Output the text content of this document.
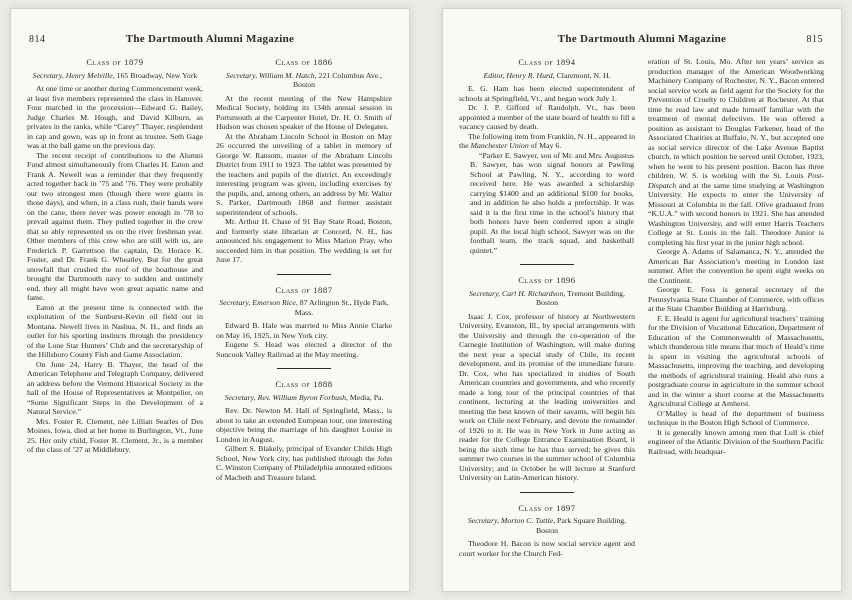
814	The Dartmouth Alumni Magazine
Class of 1879
Secretary, Henry Melville, 165 Broadway, New York

At one time or another during Commencement week, at least five members represented the class in Hanover. Four marched in the procession—Edward G. Bailey, Judge Charles M. Hough, and David Kilburn, as privates in the ranks, while “Carey” Thayer, resplendent in cap and gown, was up in front as trustee. Seth Gage was at the ball game on the previous day.

The recent receipt of contributions to the Alumni Fund almost simultaneously from Charles H. Eaton and Frank A. Newell was a reminder that they frequently acted together back in ’75 and ’76. They were probably our two strongest men (though there were giants in those days), and when, in a class rush, their hands were on the cane, there never was power enough in ’78 to prevail against them. They pulled together in the crew that so ably represented us on the river freshman year. Other members of this crew who are still with us, are Frederick P. Garrettson the captain, Dr. Horace K. Foster, and Dr. Frank G. Wheatley. But for the great snowfall that crushed the roof of the boathouse and brought the Dartmouth navy to sudden and untimely end, they all might have won great aquatic name and fame.

Eaton at the present time is connected with the exploitation of the Sunburst-Kevin oil field out in Montana. Newell lives in Nashua, N. H., and finds an outlet for his sporting instincts through the presidency of the Lone Star Hunters’ Club and the secretaryship of the Hillsboro County Fish and Game Association.

On June 24, Harry B. Thayer, the head of the American Telephone and Telegraph Company, delivered an address before the Vermont Historical Society in the hall of the House of Representatives at Montpelier, on “Some Significant Steps in the Development of a Natural Service.”

Mrs. Foster R. Clement, née Lillian Searles of Des Moines, Iowa, died at her home in Burlington, Vt., June 25. Her only child, Foster R. Clement, Jr., is a member of the class of ’27 at Middlebury.

Class of 1886
Secretary, William M. Hatch, 221 Columbus Ave., Boston

At the recent meeting of the New Hampshire Medical Society, holding its 134th annual session in Portsmouth at the Carpenter Hotel, Dr. H. O. Smith of Hudson was chosen speaker of the House of Delegates.

At the Abraham Lincoln School in Boston on May 26 occurred the unveiling of a tablet in memory of George W. Ransom, master of the Abraham Lincoln District from 1911 to 1923. The tablet was presented by the teachers and pupils of the district. An exceedingly interesting program was given, including exercises by the pupils, and, among others, an address by Mr. Walter S. Parker, Dartmouth 1868 and former assistant superintendent of schools.

Mr. Arthur H. Chase of 91 Bay State Road, Boston, and formerly state librarian at Concord, N. H., has announced his engagement to Miss Marion Pray, who succeeded him in that position. The wedding is set for June 17.

Class of 1887
Secretary, Emerson Rice, 87 Arlington St., Hyde Park, Mass.

Edward B. Hale was married to Miss Annie Clarke on May 16, 1925, in New York city.

Eugene S. Head was elected a director of the Suncook Valley Railroad at the May meeting.

Class of 1888
Secretary, Rev. William Byron Forbush, Media, Pa.

Rev. Dr. Newton M. Hall of Springfield, Mass., is about to take an extended European tour, one interesting objective being the marriage of his daughter Louise in London in August.

Gilbert S. Blakely, principal of Evander Childs High School, New York city, has published through the John C. Winston Company of Philadelphia annotated editions of Macbeth and Treasure Island.

The Dartmouth Alumni Magazine	815
Class of 1894
Editor, Henry R. Hurd, Claremont, N. H.

E. G. Ham has been elected superintendent of schools at Springfield, Vt., and began work July 1.

Dr. J. P. Gifford of Randolph, Vt., has been appointed a member of the state board of health to fill a vacancy caused by death.

The following item from Franklin, N. H., appeared in the Manchester Union of May 6.

“Parker E. Sawyer, son of Mr. and Mrs. Augustus B. Sawyer, has won signal honors at Pawling School at Pawling, N. Y., according to word received here. He was awarded a scholarship carrying $1400 and an additional $100 for books, and in addition he also holds a prefectship. It was said it is the first time in the school’s history that both honors have been conferred upon a single pupil. At the local high school, Sawyer was on the football team, the track squad, and basketball quintet.”

Class of 1896
Secretary, Carl H. Richardson, Tremont Building, Boston

Isaac J. Cox, professor of history at Northwestern University, Evanston, Ill., by special arrangements with the University and through the co-operation of the Carnegie Institution of Washington, will make during the next year a special study of Chile, its recent development, and its promise of the immediate future. Dr. Cox, who has specialized in studies of South American countries and governments, and who recently made a long tour of the principal countries of that continent, lecturing at the leading universities and meeting the best known of their savants, will begin his work on Chile next February, and devote the remainder of 1926 to it. He was in New York in June acting as reader for the College Entrance Examination Board, it being the sixth time he has thus served; he gives this summer two courses in the summer school of Columbia University; and in October he will lecture at Stanford University on Latin-American history.

Class of 1897
Secretary, Morton C. Tuttle, Park Square Building, Boston

Theodore H. Bacon is now social service agent and court worker for the Church Fed-

eration of St. Louis, Mo. After ten years’ service as production manager of the American Woodworking Machinery Company of Rochester, N. Y., Bacon entered social service work as field agent for the Society for the Prevention of Cruelty to Children at Rochester. At that time he read law and made himself familiar with the treatment of mental defectives. He was offered a position as assistant to Douglas Farkener, head of the Associated Charities at Buffalo, N. Y., but accepted one as social service director of the Lake Avenue Baptist church, in which position he served until October, 1923, when he went to his present position. Bacon has three children. W. S. is working with the St. Louis Post-Dispatch and at the same time studying at Washington University. He expects to enter the University of Missouri at Columbia in the fall. Olive graduated from “K.U.A.” with second honors in 1921. She has attended Washington University, and will enter Harris Teachers College at St. Louis in the fall. Theodore Junior is completing his first year in the junior high school.

George A. Adams of Salamanca, N. Y., attended the American Bar Association’s meeting in London last summer. After the convention he spent eight weeks on the Continent.

George E. Foss is general secretary of the Pennsylvania State Chamber of Commerce, with offices at the State Chamber Building at Harrisburg.

F. E. Heald is agent for agricultural teachers’ training for the Division of Vocational Education, Department of Education of the Commonwealth of Massachusetts, which thunderous title means that much of Heald’s time is spent in visiting the agricultural schools of Massachusetts, improving the teaching, and developing the methods of agricultural training. Heald also runs a postgraduate course in agriculture in the summer school and in the winter a short course at the Massachusetts Agricultural College at Amherst.

O’Malley is head of the department of business technique in the Boston High School of Commerce.

It is generally known among men that Lull is chief engineer of the Atlantic Division of the Southern Pacific Railroad, with headquar-
